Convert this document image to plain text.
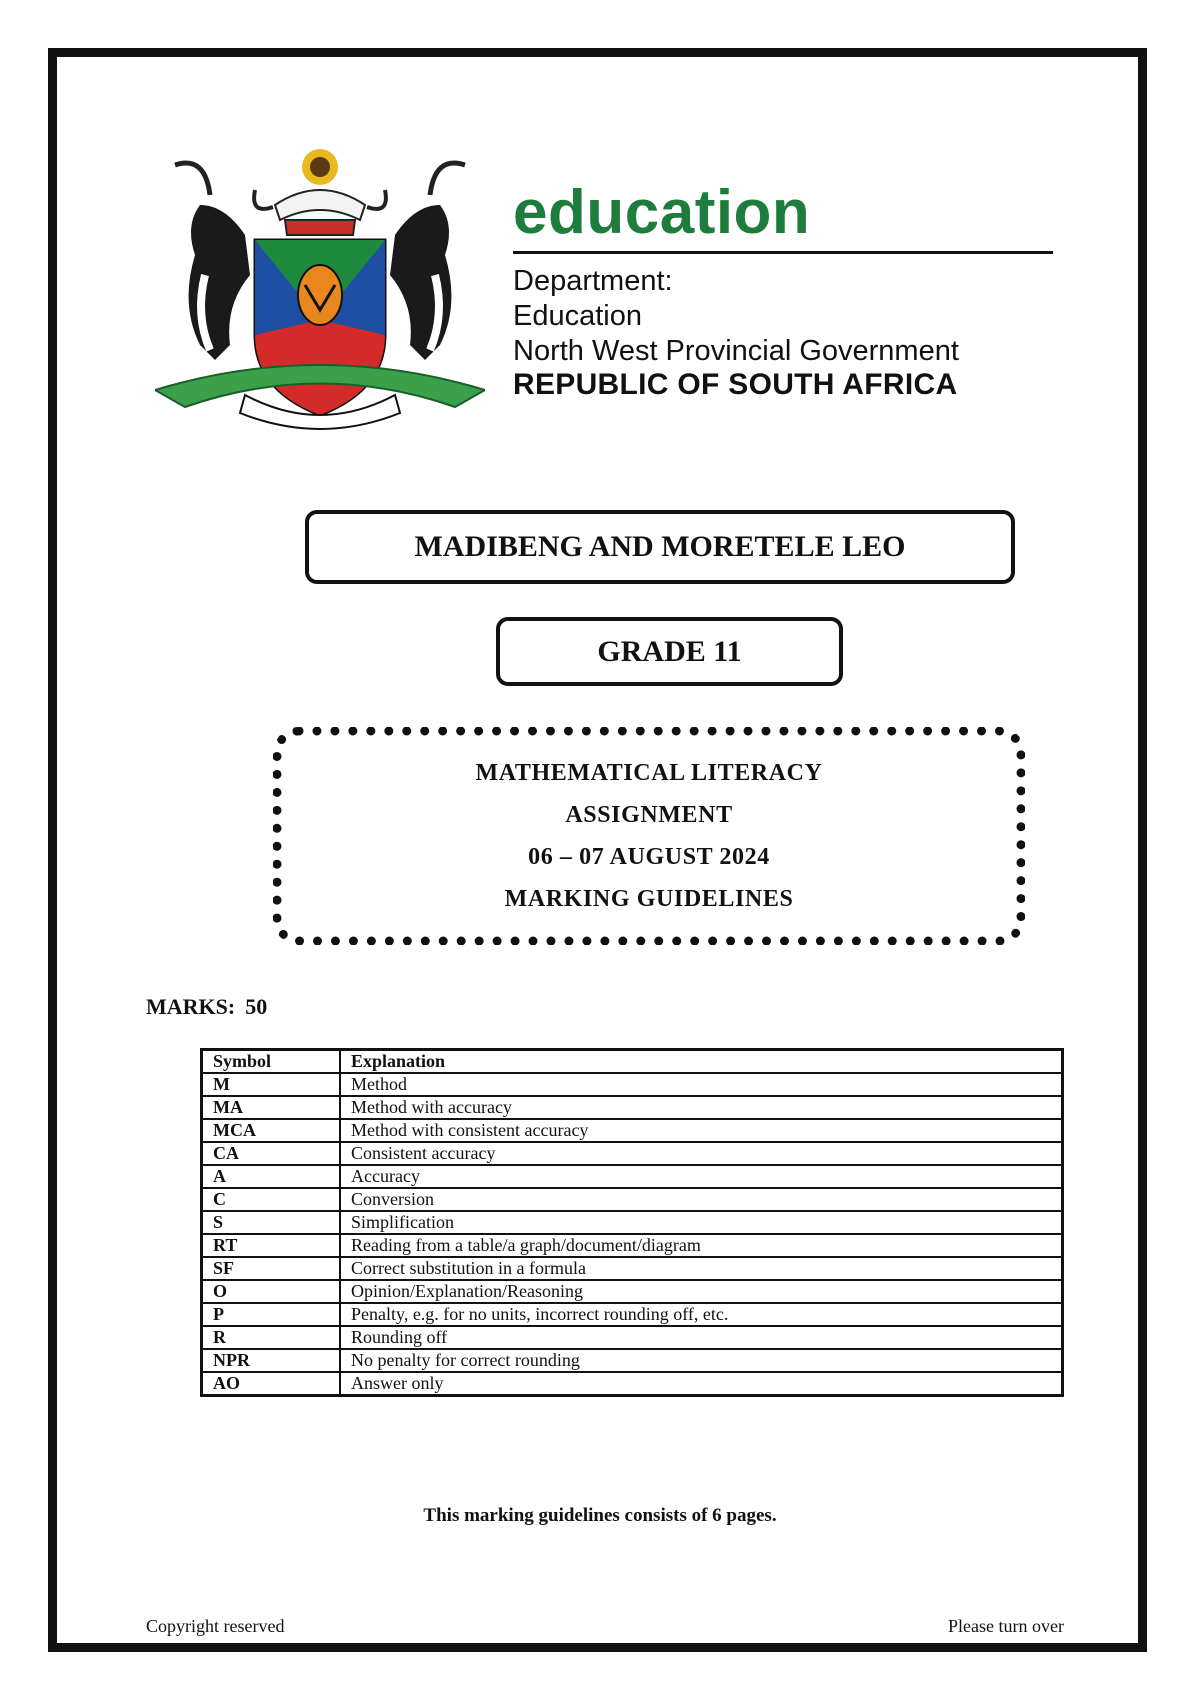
education
Department:
Education
North West Provincial Government
REPUBLIC OF SOUTH AFRICA
MADIBENG AND MORETELE LEO
GRADE 11
MATHEMATICAL LITERACY
ASSIGNMENT
06 – 07 AUGUST 2024
MARKING GUIDELINES
MARKS: 50
Symbol	Explanation
M	Method
MA	Method with accuracy
MCA	Method with consistent accuracy
CA	Consistent accuracy
A	Accuracy
C	Conversion
S	Simplification
RT	Reading from a table/a graph/document/diagram
SF	Correct substitution in a formula
O	Opinion/Explanation/Reasoning
P	Penalty, e.g. for no units, incorrect rounding off, etc.
R	Rounding off
NPR	No penalty for correct rounding
AO	Answer only
This marking guidelines consists of 6 pages.
Copyright reserved	Please turn over
